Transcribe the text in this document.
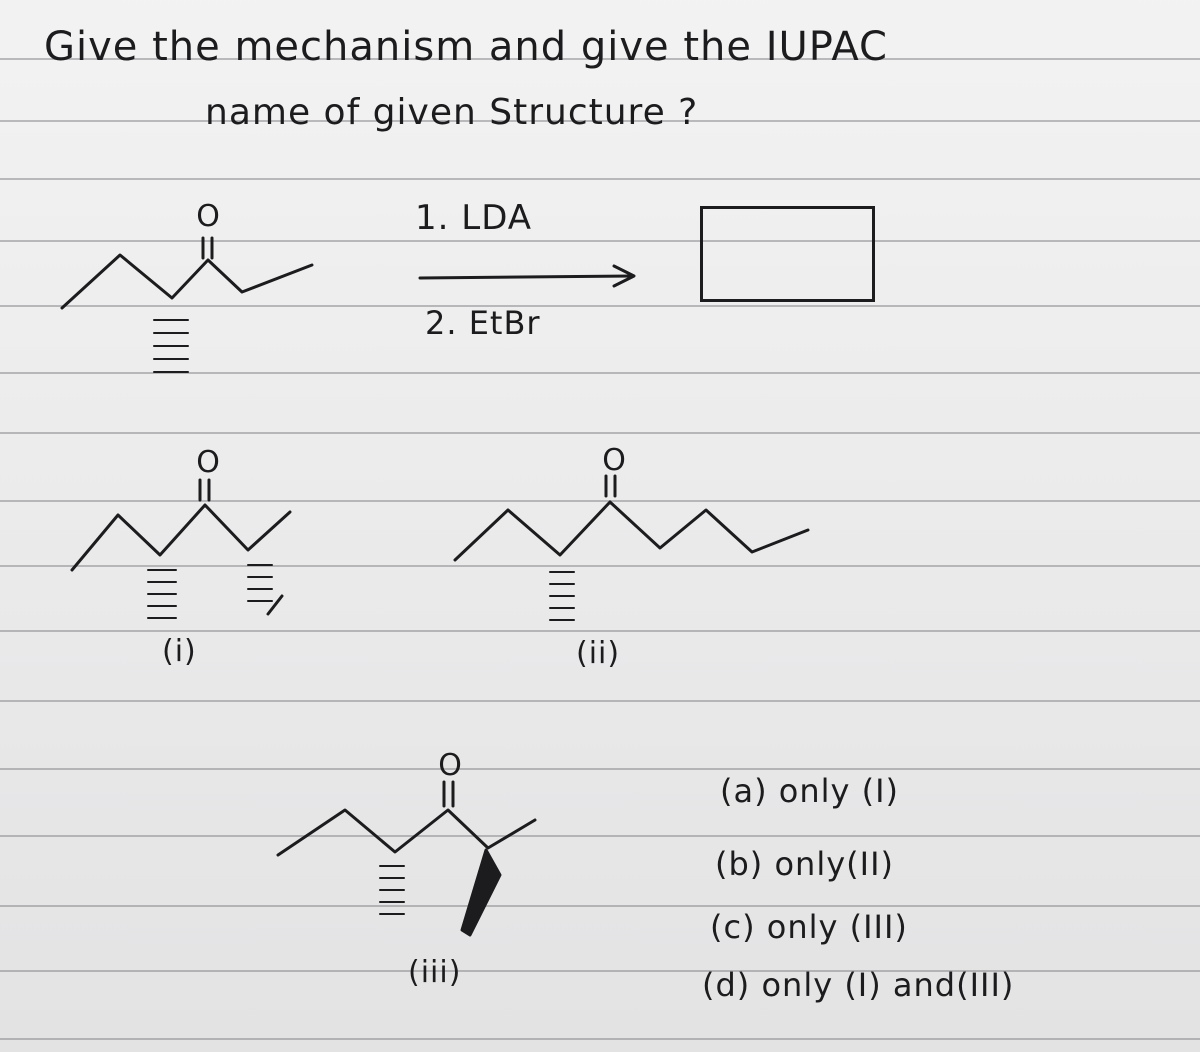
Give the mechanism and give the IUPAC
name of given Structure ?
1. LDA
2. EtBr
O
O	O
O
(i)	(ii)
(iii)
(a) only (I)
(b) only(II)
(c) only (III)
(d) only (I) and(III)
